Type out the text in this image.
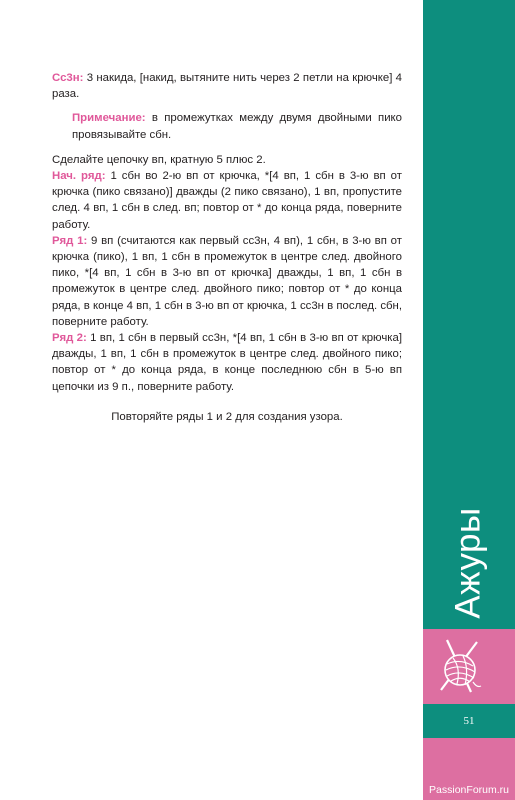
Сс3н: 3 накида, [накид, вытяните нить через 2 петли на крючке] 4 раза.

Примечание: в промежутках между двумя двойными пико провязывайте сбн.

Сделайте цепочку вп, кратную 5 плюс 2.

Нач. ряд: 1 сбн во 2-ю вп от крючка, *[4 вп, 1 сбн в 3-ю вп от крючка (пико связано)] дважды (2 пико связано), 1 вп, пропустите след. 4 вп, 1 сбн в след. вп; повтор от * до конца ряда, поверните работу.

Ряд 1: 9 вп (считаются как первый сс3н, 4 вп), 1 сбн, в 3-ю вп от крючка (пико), 1 вп, 1 сбн в промежуток в центре след. двойного пико, *[4 вп, 1 сбн в 3-ю вп от крючка] дважды, 1 вп, 1 сбн в промежуток в центре след. двойного пико; повтор от * до конца ряда, в конце 4 вп, 1 сбн в 3-ю вп от крючка, 1 сс3н в послед. сбн, поверните работу.

Ряд 2: 1 вп, 1 сбн в первый сс3н, *[4 вп, 1 сбн в 3-ю вп от крючка] дважды, 1 вп, 1 сбн в промежуток в центре след. двойного пико; повтор от * до конца ряда, в конце последнюю сбн в 5-ю вп цепочки из 9 п., поверните работу.

Повторяйте ряды 1 и 2 для создания узора.

Ажуры
51
PassionForum.ru
